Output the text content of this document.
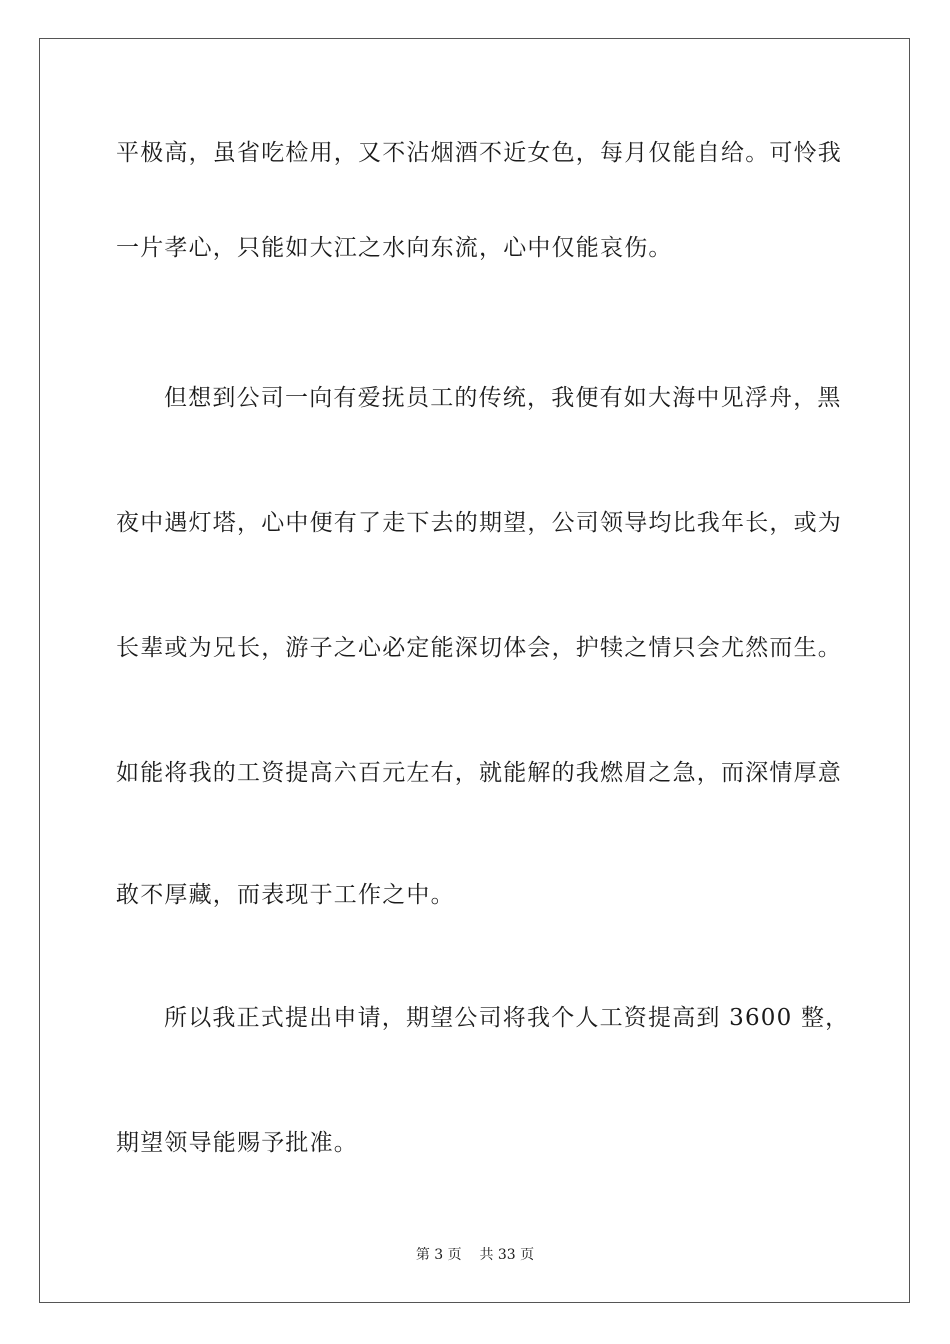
平极高，虽省吃检用，又不沾烟酒不近女色，每月仅能自给。可怜我
一片孝心，只能如大江之水向东流，心中仅能哀伤。
但想到公司一向有爱抚员工的传统，我便有如大海中见浮舟，黑
夜中遇灯塔，心中便有了走下去的期望，公司领导均比我年长，或为
长辈或为兄长，游子之心必定能深切体会，护犊之情只会尤然而生。
如能将我的工资提高六百元左右，就能解的我燃眉之急，而深情厚意
敢不厚藏，而表现于工作之中。
所以我正式提出申请，期望公司将我个人工资提高到 3600 整，
期望领导能赐予批准。
第 3 页 共 33 页
